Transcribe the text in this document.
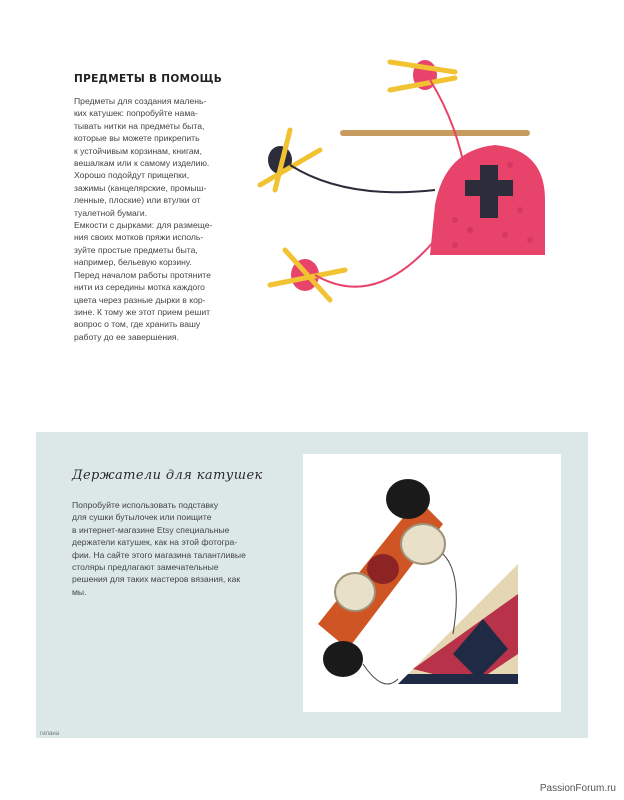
ПРЕДМЕТЫ В ПОМОЩЬ

Предметы для создания малень-
ких катушек: попробуйте нама-
тывать нитки на предметы быта,
которые вы можете прикрепить
к устойчивым корзинам, книгам,
вешалкам или к самому изделию.
Хорошо подойдут прищепки,
зажимы (канцелярские, промыш-
ленные, плоские) или втулки от
туалетной бумаги.

Емкости с дырками: для размеще-
ния своих мотков пряжи исполь-
зуйте простые предметы быта,
например, бельевую корзину.
Перед началом работы протяните
нити из середины мотка каждого
цвета через разные дырки в кор-
зине. К тому же этот прием решит
вопрос о том, где хранить вашу
работу до ее завершения.

Держатели для катушек

Попробуйте использовать подставку
для сушки бутылочек или поищите
в интернет-магазине Etsy специальные
держатели катушек, как на этой фотогра-
фии. На сайте этого магазина талантливые
столяры предлагают замечательные
решения для таких мастеров вязания, как
мы.

гилана
PassionForum.ru
